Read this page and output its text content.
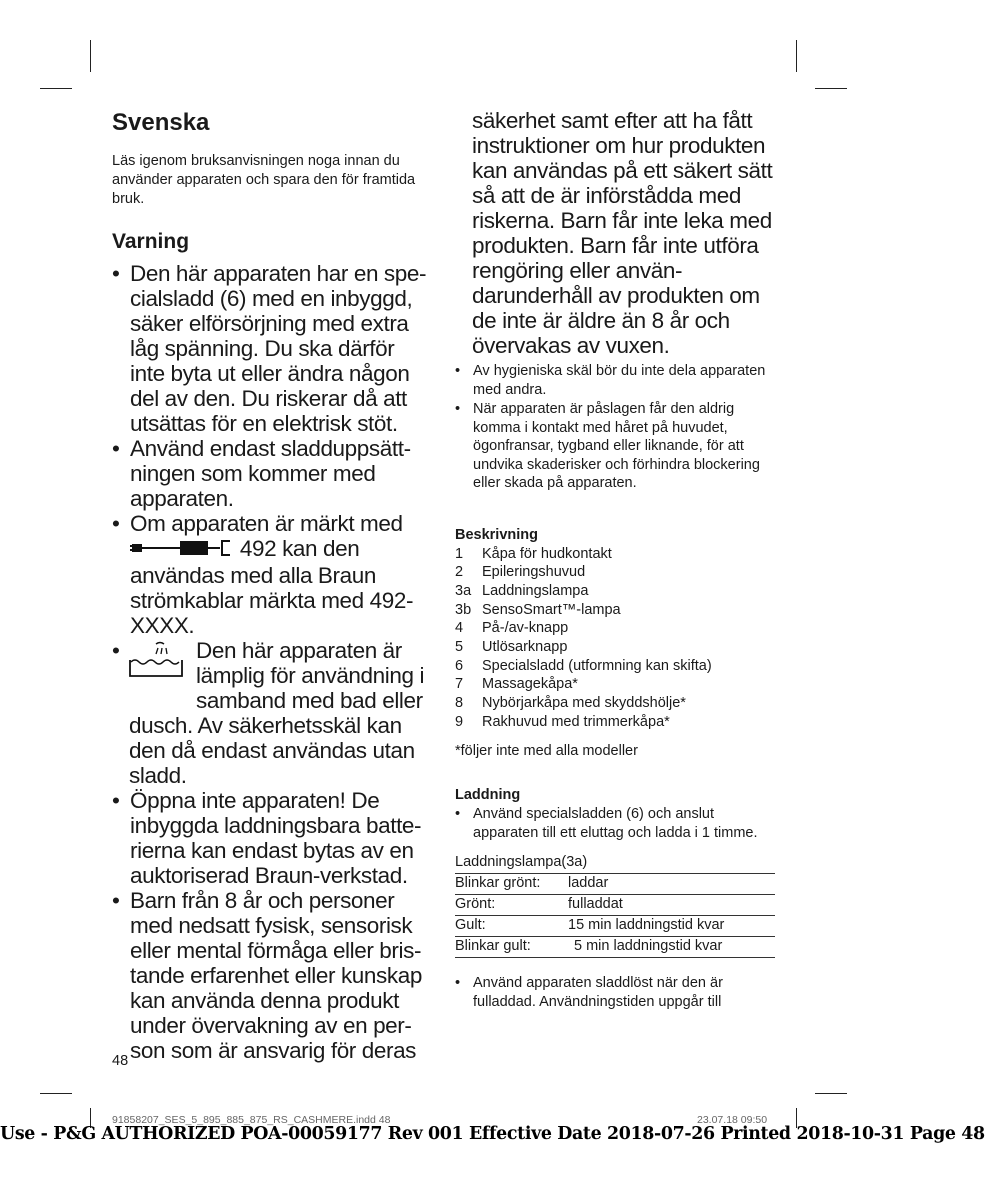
Svenska

Läs igenom bruksanvisningen noga innan du använder apparaten och spara den för framtida bruk.

Varning

• Den här apparaten har en spe-cialsladd (6) med en inbyggd, säker elförsörjning med extra låg spänning. Du ska därför inte byta ut eller ändra någon del av den. Du riskerar då att utsättas för en elektrisk stöt.

• Använd endast sladduppsätt-ningen som kommer med apparaten.

• Om apparaten är märkt med
492 kan den användas med alla Braun strömkablar märkta med 492-XXXX.

•	Den här apparaten är lämplig för användning i samband med bad eller

dusch. Av säkerhetsskäl kan den då endast användas utan sladd.

• Öppna inte apparaten! De inbyggda laddningsbara batte-rierna kan endast bytas av en auktoriserad Braun-verkstad.

• Barn från 8 år och personer med nedsatt fysisk, sensorisk eller mental förmåga eller bris-tande erfarenhet eller kunskap kan använda denna produkt under övervakning av en per-son som är ansvarig för deras

48

säkerhet samt efter att ha fått instruktioner om hur produkten kan användas på ett säkert sätt så att de är införstådda med riskerna. Barn får inte leka med produkten. Barn får inte utföra rengöring eller använ-darunderhåll av produkten om de inte är äldre än 8 år och övervakas av vuxen.

• Av hygieniska skäl bör du inte dela apparaten med andra.

• När apparaten är påslagen får den aldrig komma i kontakt med håret på huvudet, ögonfransar, tygband eller liknande, för att undvika skaderisker och förhindra blockering eller skada på apparaten.

Beskrivning
1	Kåpa för hudkontakt
2	Epileringshuvud
3a Laddningslampa
3b SensoSmart™-lampa
4	På-/av-knapp
5	Utlösarknapp
6	Specialsladd (utformning kan skifta)
7	Massagekåpa*
8	Nybörjarkåpa med skyddshölje*
9	Rakhuvud med trimmerkåpa*

*följer inte med alla modeller

Laddning

• Använd specialsladden (6) och anslut apparaten till ett eluttag och ladda i 1 timme.

Laddningslampa(3a)	
Blinkar grönt:	laddar
Grönt:	fulladdat
Gult:	15 min laddningstid kvar
Blinkar gult:	5 min laddningstid kvar

• Använd apparaten sladdlöst när den är fulladdad. Användningstiden uppgår till

91858207_SES_5_895_885_875_RS_CASHMERE.indd 48	23.07.18 09:50
Use - P&G AUTHORIZED POA-00059177 Rev 001 Effective Date 2018-07-26 Printed 2018-10-31 Page 48
